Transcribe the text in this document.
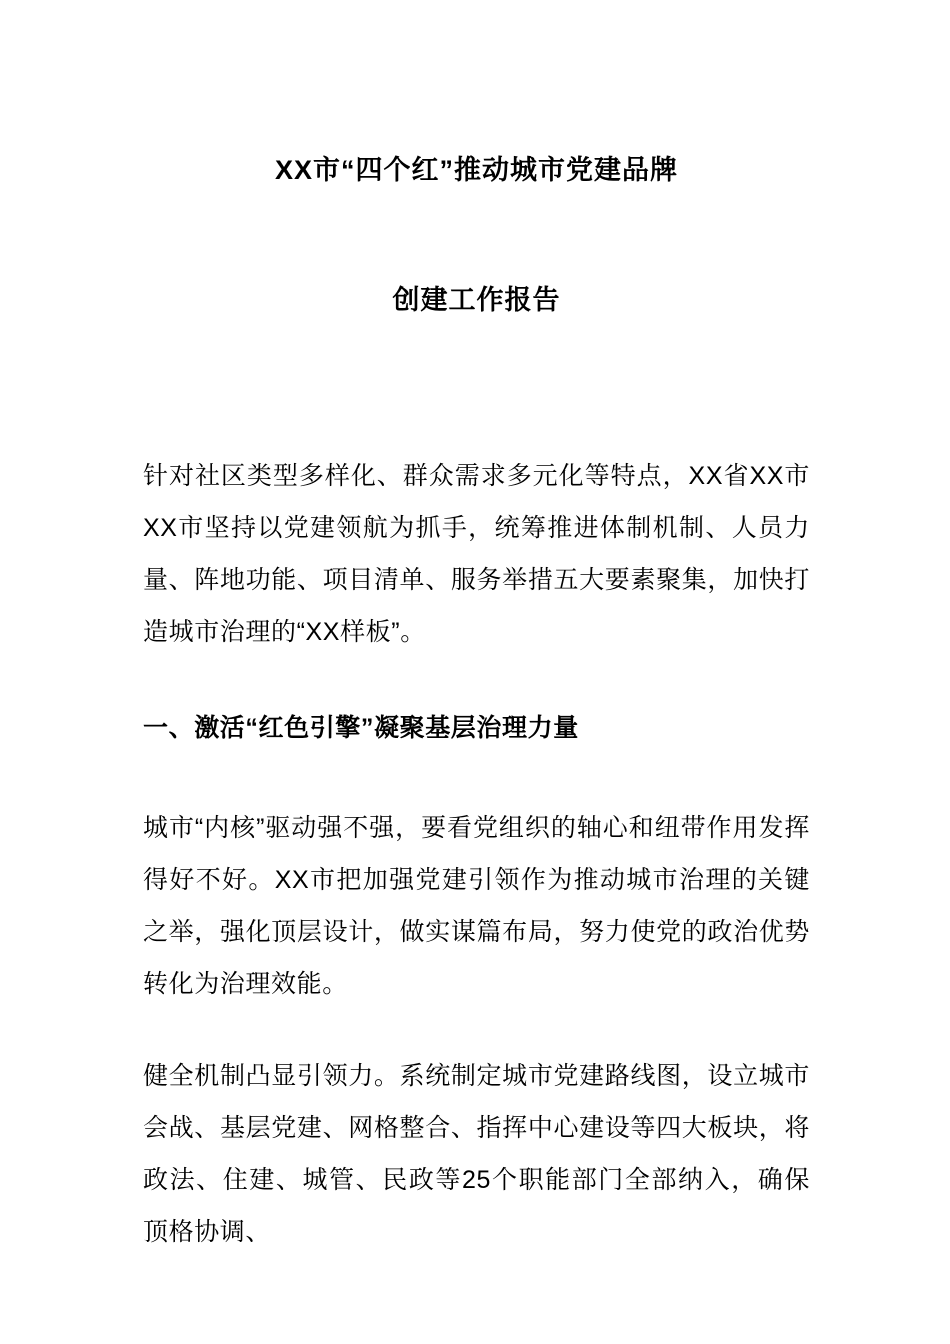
XX市“四个红”推动城市党建品牌
创建工作报告

针对社区类型多样化、群众需求多元化等特点，XX省XX市XX市坚持以党建领航为抓手，统筹推进体制机制、人员力量、阵地功能、项目清单、服务举措五大要素聚集，加快打造城市治理的“XX样板”。

一、激活“红色引擎”凝聚基层治理力量

城市“内核”驱动强不强，要看党组织的轴心和纽带作用发挥得好不好。XX市把加强党建引领作为推动城市治理的关键之举，强化顶层设计，做实谋篇布局，努力使党的政治优势转化为治理效能。

健全机制凸显引领力。系统制定城市党建路线图，设立城市会战、基层党建、网格整合、指挥中心建设等四大板块，将政法、住建、城管、民政等25个职能部门全部纳入，确保顶格协调、
